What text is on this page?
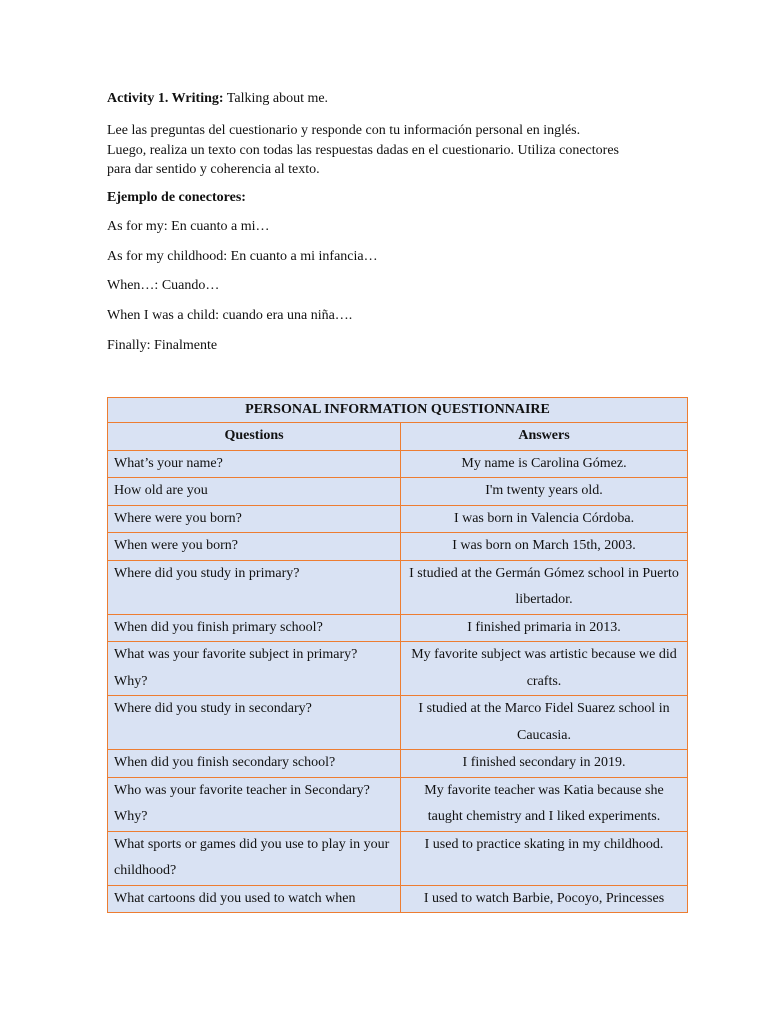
Activity 1. Writing: Talking about me.
Lee las preguntas del cuestionario y responde con tu información personal en inglés.
Luego, realiza un texto con todas las respuestas dadas en el cuestionario. Utiliza conectores
para dar sentido y coherencia al texto.
Ejemplo de conectores:
As for my: En cuanto a mi…
As for my childhood: En cuanto a mi infancia…
When…: Cuando…
When I was a child: cuando era una niña….
Finally: Finalmente
PERSONAL INFORMATION QUESTIONNAIRE	
Questions	Answers
What’s your name?	My name is Carolina Gómez.
How old are you	I'm twenty years old.
Where were you born?	I was born in Valencia Córdoba.
When were you born?	I was born on March 15th, 2003.
Where did you study in primary?	I studied at the Germán Gómez school in Puerto libertador.
When did you finish primary school?	I finished primaria in 2013.
What was your favorite subject in primary? Why?	My favorite subject was artistic because we did crafts.
Where did you study in secondary?	I studied at the Marco Fidel Suarez school in Caucasia.
When did you finish secondary school?	I finished secondary in 2019.
Who was your favorite teacher in Secondary? Why?	My favorite teacher was Katia because she taught chemistry and I liked experiments.
What sports or games did you use to play in your childhood?	I used to practice skating in my childhood.
What cartoons did you used to watch when	I used to watch Barbie, Pocoyo, Princesses
